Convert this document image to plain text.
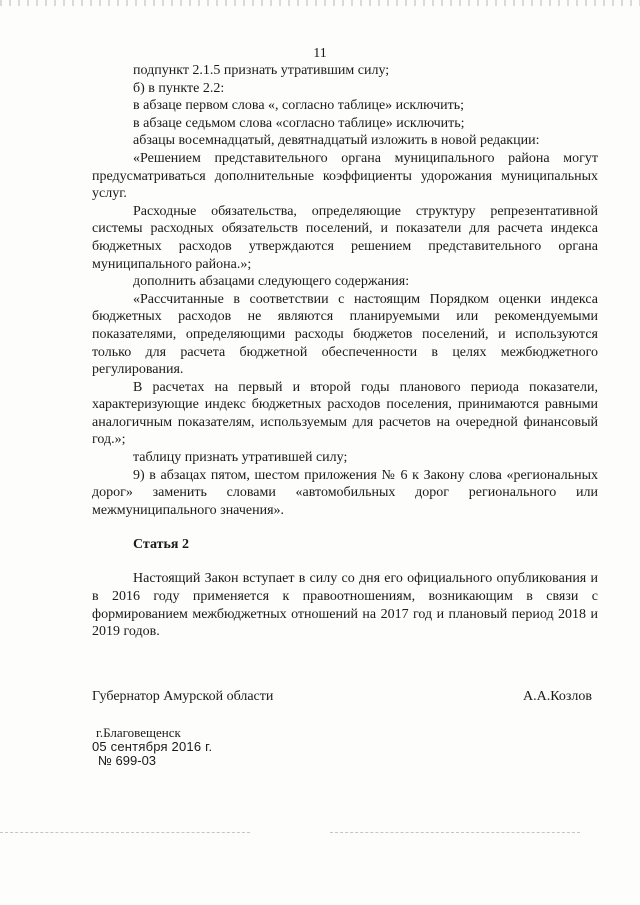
11

подпункт 2.1.5 признать утратившим силу;

б) в пункте 2.2:

в абзаце первом слова «, согласно таблице» исключить;

в абзаце седьмом слова «согласно таблице» исключить;

абзацы восемнадцатый, девятнадцатый изложить в новой редакции:

«Решением представительного органа муниципального района могут предусматриваться дополнительные коэффициенты удорожания муниципальных услуг.

Расходные обязательства, определяющие структуру репрезентативной системы расходных обязательств поселений, и показатели для расчета индекса бюджетных расходов утверждаются решением представительного органа муниципального района.»;

дополнить абзацами следующего содержания:

«Рассчитанные в соответствии с настоящим Порядком оценки индекса бюджетных расходов не являются планируемыми или рекомендуемыми показателями, определяющими расходы бюджетов поселений, и используются только для расчета бюджетной обеспеченности в целях межбюджетного регулирования.

В расчетах на первый и второй годы планового периода показатели, характеризующие индекс бюджетных расходов поселения, принимаются равными аналогичным показателям, используемым для расчетов на очередной финансовый год.»;

таблицу признать утратившей силу;

9) в абзацах пятом, шестом приложения № 6 к Закону слова «региональных дорог» заменить словами «автомобильных дорог регионального или межмуниципального значения».

Статья 2

Настоящий Закон вступает в силу со дня его официального опубликования и в 2016 году применяется к правоотношениям, возникающим в связи с формированием межбюджетных отношений на 2017 год и плановый период 2018 и 2019 годов.

Губернатор Амурской области	А.А.Козлов
г.Благовещенск
05 сентября 2016 г.
№ 699-03
